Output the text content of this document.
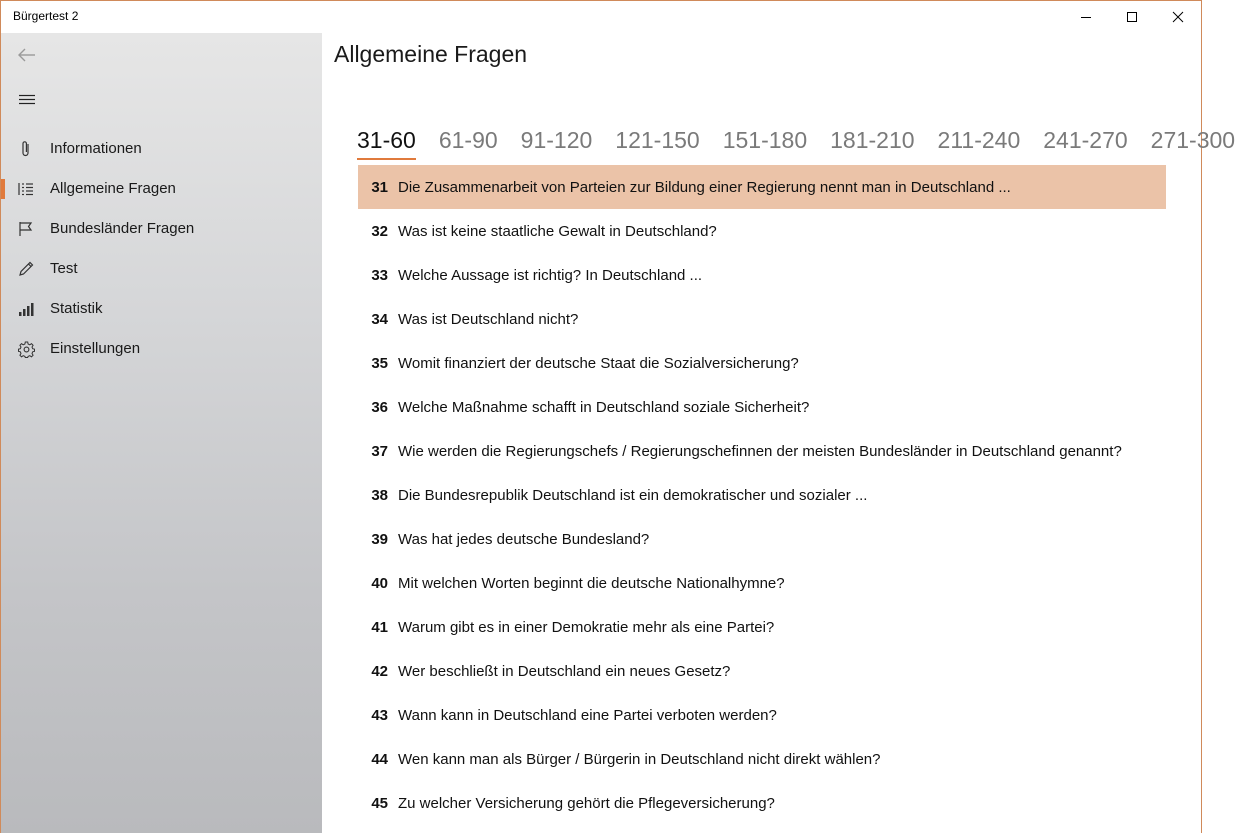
Bürgertest 2
Informationen
Allgemeine Fragen
Bundesländer Fragen
Test
Statistik
Einstellungen
Allgemeine Fragen
31-60 61-90 91-120 121-150 151-180 181-210 211-240 241-270 271-300
31 Die Zusammenarbeit von Parteien zur Bildung einer Regierung nennt man in Deutschland ...
32 Was ist keine staatliche Gewalt in Deutschland?
33 Welche Aussage ist richtig? In Deutschland ...
34 Was ist Deutschland nicht?
35 Womit finanziert der deutsche Staat die Sozialversicherung?
36 Welche Maßnahme schafft in Deutschland soziale Sicherheit?
37 Wie werden die Regierungschefs / Regierungschefinnen der meisten Bundesländer in Deutschland genannt?
38 Die Bundesrepublik Deutschland ist ein demokratischer und sozialer ...
39 Was hat jedes deutsche Bundesland?
40 Mit welchen Worten beginnt die deutsche Nationalhymne?
41 Warum gibt es in einer Demokratie mehr als eine Partei?
42 Wer beschließt in Deutschland ein neues Gesetz?
43 Wann kann in Deutschland eine Partei verboten werden?
44 Wen kann man als Bürger / Bürgerin in Deutschland nicht direkt wählen?
45 Zu welcher Versicherung gehört die Pflegeversicherung?
